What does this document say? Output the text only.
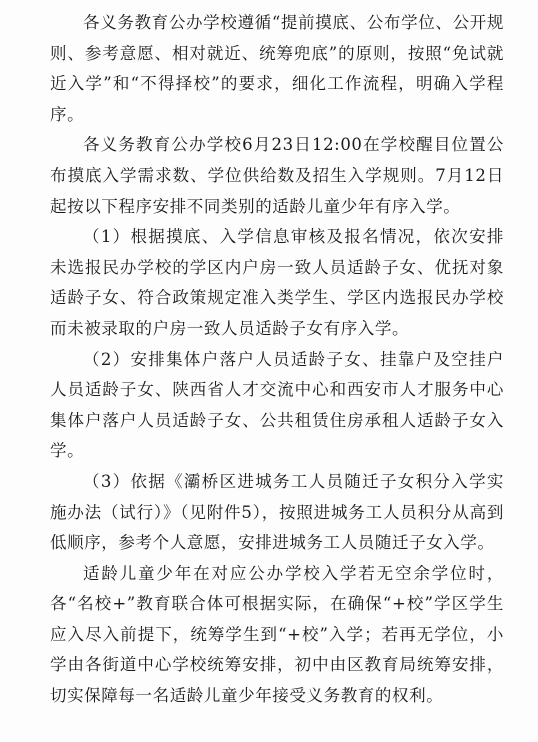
各义务教育公办学校遵循“提前摸底、公布学位、公开规则、参考意愿、相对就近、统筹兜底”的原则，按照“免试就近入学”和“不得择校”的要求，细化工作流程，明确入学程序。

各义务教育公办学校6月23日12:00在学校醒目位置公布摸底入学需求数、学位供给数及招生入学规则。7月12日起按以下程序安排不同类别的适龄儿童少年有序入学。

（1）根据摸底、入学信息审核及报名情况，依次安排未选报民办学校的学区内户房一致人员适龄子女、优抚对象适龄子女、符合政策规定准入类学生、学区内选报民办学校而未被录取的户房一致人员适龄子女有序入学。

（2）安排集体户落户人员适龄子女、挂靠户及空挂户人员适龄子女、陕西省人才交流中心和西安市人才服务中心集体户落户人员适龄子女、公共租赁住房承租人适龄子女入学。

（3）依据《灞桥区进城务工人员随迁子女积分入学实施办法（试行）》（见附件5），按照进城务工人员积分从高到低顺序，参考个人意愿，安排进城务工人员随迁子女入学。

适龄儿童少年在对应公办学校入学若无空余学位时，各“名校+”教育联合体可根据实际，在确保“+校”学区学生应入尽入前提下，统筹学生到“+校”入学；若再无学位，小学由各街道中心学校统筹安排，初中由区教育局统筹安排，切实保障每一名适龄儿童少年接受义务教育的权利。
